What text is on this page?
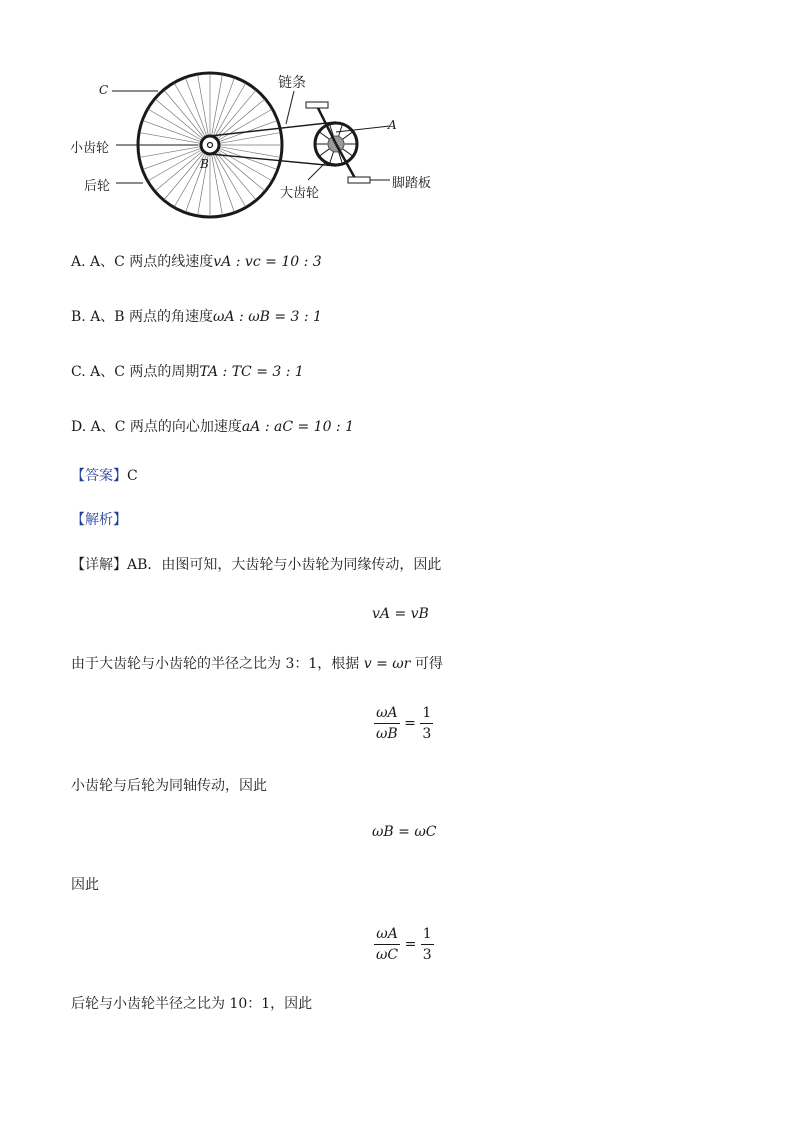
C
小齿轮
后轮
B
链条
A
大齿轮
脚踏板
A. A、C 两点的线速度vA : vc = 10 : 3
B. A、B 两点的角速度ωA : ωB = 3 : 1
C. A、C 两点的周期TA : TC = 3 : 1
D. A、C 两点的向心加速度aA : aC = 10 : 1
【答案】C
【解析】
【详解】AB．由图可知，大齿轮与小齿轮为同缘传动，因此
vA = vB
由于大齿轮与小齿轮的半径之比为 3：1，根据 v = ωr 可得
$\frac{\omega A}{\omega B} = \frac{1}{3}$
小齿轮与后轮为同轴传动，因此
ωB = ωC
因此
$\frac{\omega A}{\omega C} = \frac{1}{3}$
后轮与小齿轮半径之比为 10：1，因此
